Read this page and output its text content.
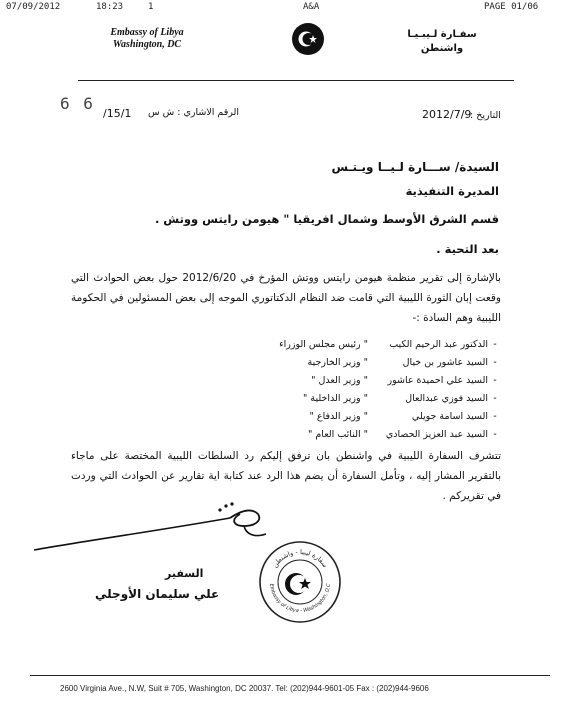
07/09/2012	18:23	1	A&A	PAGE 01/06
Embassy of Libya
Washington, DC
سفـارة لـيبـيـا
واشنطن
6 6
/15/1 الرقم الاشاري : ش س	2012/7/9
التاريخ :
السيدة/ ســـارة لـيــا ويـتـس
المديرة التنفيذية
قسم الشرق الأوسط وشمال افريقيا " هيومن رايتس ووتش .
بعد التحية .
بالإشارة إلى تقرير منظمة هيومن رايتس ووتش المؤرخ في 2012/6/20 حول بعض الحوادث التي وقعت إبان الثورة الليبية التي قامت ضد النظام الدكتاتوري الموجه إلى بعض المسئولين في الحكومة الليبية وهم السادة :-
-الدكتور عبد الرحيم الكيب" رئيس مجلس الوزراء
-السيد عاشور بن خيال" وزير الخارجية
-السيد علي احميدة عاشور" وزير العدل "
-السيد فوزي عبدالعال" وزير الداخلية "
-السيد اسامة جويلي" وزير الدفاع "
-السيد عبد العزيز الحصادي" النائب العام "
تتشرف السفارة الليبية في واشنطن بان ترفق إليكم رد السلطات الليبية المختصة على ماجاء بالتقرير المشار إليه ، وتأمل السفارة أن يضم هذا الرد عند كتابة اية تقارير عن الحوادث التي وردت في تقريركم .
السفير
علي سليمان الأوجلي
سفارة ليبيا - واشنطن
Embassy of Libya - Washington, D.C
2600 Virginia Ave., N.W, Suit # 705, Washington, DC 20037. Tel: (202)944-9601-05 Fax : (202)944-9606
